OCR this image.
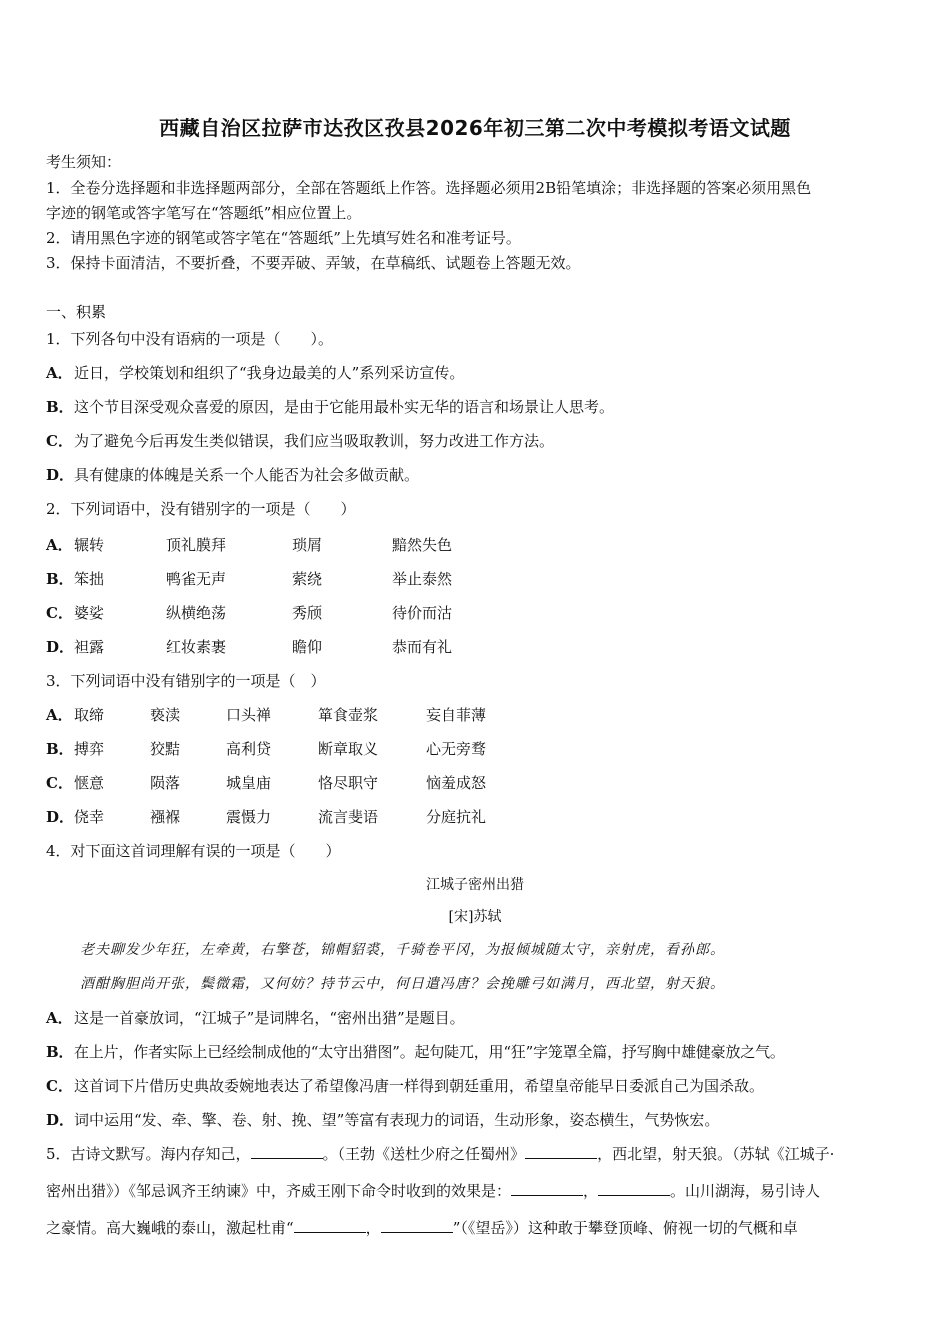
西藏自治区拉萨市达孜区孜县2026年初三第二次中考模拟考语文试题
考生须知：
1．全卷分选择题和非选择题两部分，全部在答题纸上作答。选择题必须用2B铅笔填涂；非选择题的答案必须用黑色
字迹的钢笔或答字笔写在“答题纸”相应位置上。
2．请用黑色字迹的钢笔或答字笔在“答题纸”上先填写姓名和准考证号。
3．保持卡面清洁，不要折叠，不要弄破、弄皱，在草稿纸、试题卷上答题无效。
一、积累
1．下列各句中没有语病的一项是（　　）。
A．近日，学校策划和组织了“我身边最美的人”系列采访宣传。
B．这个节目深受观众喜爱的原因，是由于它能用最朴实无华的语言和场景让人思考。
C．为了避免今后再发生类似错误，我们应当吸取教训，努力改进工作方法。
D．具有健康的体魄是关系一个人能否为社会多做贡献。
2．下列词语中，没有错别字的一项是（　　）
A． 辗转	顶礼膜拜	琐屑	黯然失色
B． 笨拙	鸭雀无声	萦绕	举止泰然
C． 婆娑	纵横绝荡	秀颀	待价而沽
D． 袒露	红妆素裹	瞻仰	恭而有礼
3．下列词语中没有错别字的一项是（　）
A． 取缔	亵渎	口头禅	箪食壶浆	妄自菲薄
B． 搏弈	狡黠	高利贷	断章取义	心无旁骛
C． 惬意	陨落	城皇庙	恪尽职守	恼羞成怒
D． 侥幸	襁褓	震慑力	流言斐语	分庭抗礼
4．对下面这首词理解有误的一项是（　　）
江城子密州出猎
[宋]苏轼
老夫聊发少年狂，左牵黄，右擎苍，锦帽貂裘，千骑卷平冈，为报倾城随太守，亲射虎，看孙郎。
酒酣胸胆尚开张，鬓微霜，又何妨？持节云中，何日遣冯唐？会挽雕弓如满月，西北望，射天狼。
A．这是一首豪放词，“江城子”是词牌名，“密州出猎”是题目。
B．在上片，作者实际上已经绘制成他的“太守出猎图”。起句陡兀，用“狂”字笼罩全篇，抒写胸中雄健豪放之气。
C．这首词下片借历史典故委婉地表达了希望像冯唐一样得到朝廷重用，希望皇帝能早日委派自己为国杀敌。
D．词中运用“发、牵、擎、卷、射、挽、望”等富有表现力的词语，生动形象，姿态横生，气势恢宏。
5．古诗文默写。海内存知己，	。（王勃《送杜少府之任蜀州》	，西北望，射天狼。（苏轼《江城子·
密州出猎》）《邹忌讽齐王纳谏》中，齐威王刚下命令时收到的效果是：	，	。山川湖海，易引诗人
之豪情。高大巍峨的泰山，激起杜甫“	，	”（《望岳》）这种敢于攀登顶峰、俯视一切的气概和卓
